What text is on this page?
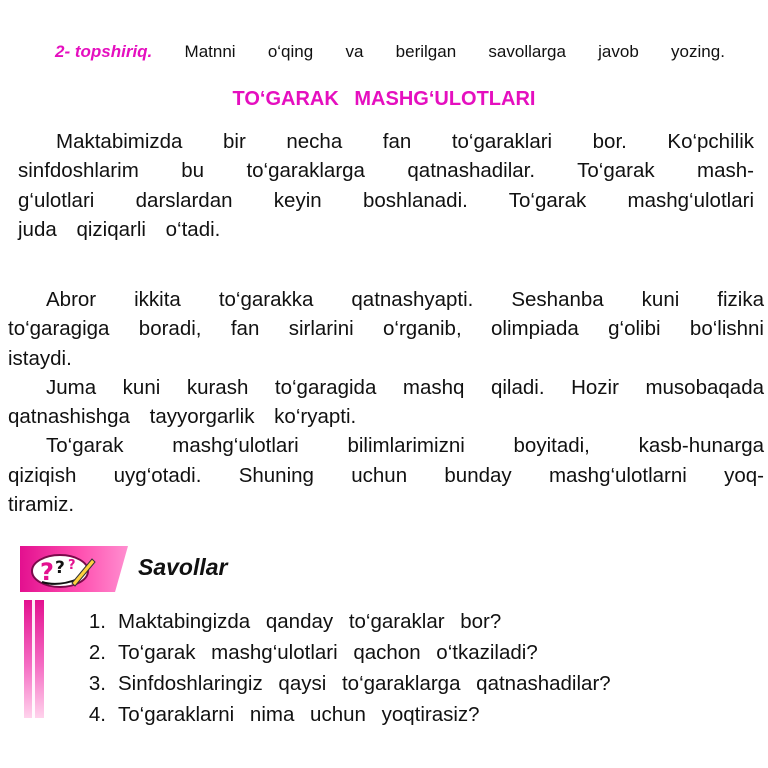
2- topshiriq. Matnni o‘qing va berilgan savollarga javob yozing.
TO‘GARAK MASHG‘ULOTLARI
Maktabimizda bir necha fan to‘garaklari bor. Ko‘pchilik
sinfdoshlarim bu to‘garaklarga qatnashadilar. To‘garak mash-
g‘ulotlari darslardan keyin boshlanadi. To‘garak mashg‘ulotlari
juda qiziqarli o‘tadi.
Abror ikkita to‘garakka qatnashyapti. Seshanba kuni fizika
to‘garagiga boradi, fan sirlarini o‘rganib, olimpiada g‘olibi bo‘lishni
istaydi.
Juma kuni kurash to‘garagida mashq qiladi. Hozir musobaqada
qatnashishga tayyorgarlik ko‘ryapti.
To‘garak mashg‘ulotlari bilimlarimizni boyitadi, kasb-hunarga
qiziqish uyg‘otadi. Shuning uchun bunday mashg‘ulotlarni yoq-
tiramiz.
? ? ?	Savollar
1. Maktabingizda qanday to‘garaklar bor?
2. To‘garak mashg‘ulotlari qachon o‘tkaziladi?
3. Sinfdoshlaringiz qaysi to‘garaklarga qatnashadilar?
4. To‘garaklarni nima uchun yoqtirasiz?
